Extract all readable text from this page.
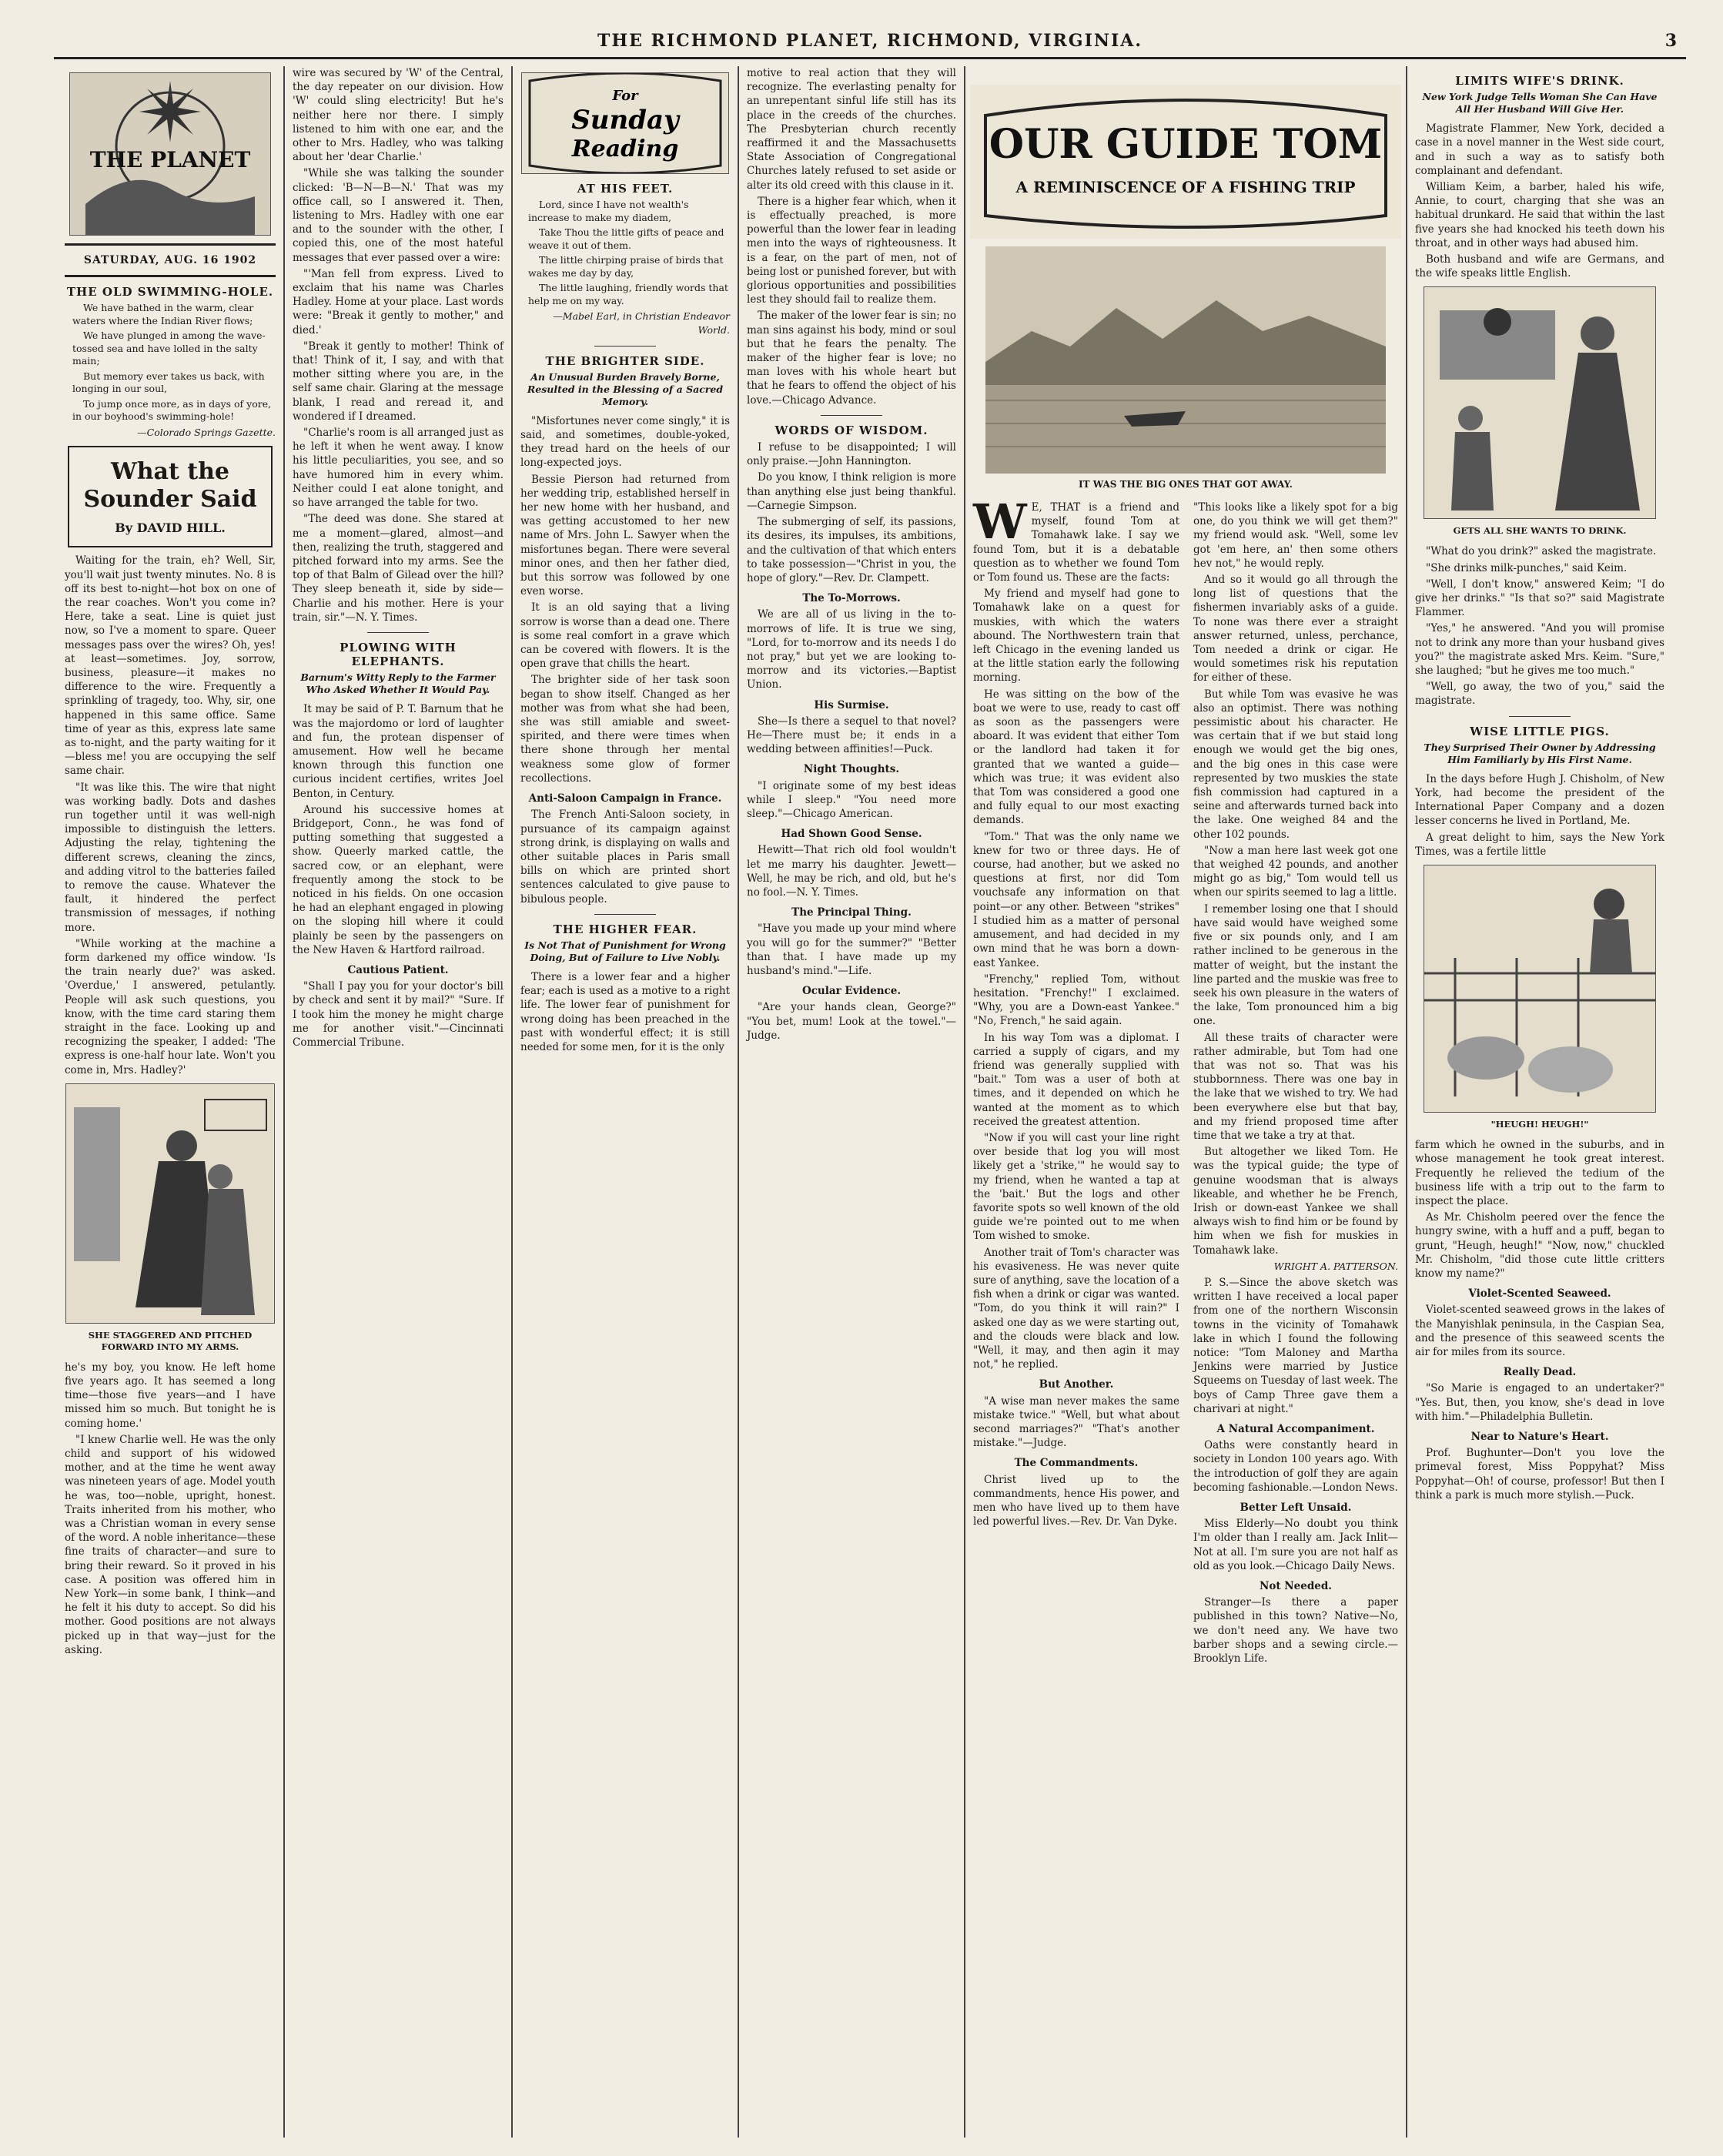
THE RICHMOND PLANET, RICHMOND, VIRGINIA.	3
THE PLANET
SATURDAY, AUG. 16 1902
THE OLD SWIMMING-HOLE.

We have bathed in the warm, clear waters where the Indian River flows;

We have plunged in among the wave-tossed sea and have lolled in the salty main;

But memory ever takes us back, with longing in our soul,

To jump once more, as in days of yore, in our boyhood's swimming-hole!

—Colorado Springs Gazette.

What the
Sounder Said
By DAVID HILL.

Waiting for the train, eh? Well, Sir, you'll wait just twenty minutes. No. 8 is off its best to-night—hot box on one of the rear coaches. Won't you come in? Here, take a seat. Line is quiet just now, so I've a moment to spare. Queer messages pass over the wires? Oh, yes! at least—sometimes. Joy, sorrow, business, pleasure—it makes no difference to the wire. Frequently a sprinkling of tragedy, too. Why, sir, one happened in this same office. Same time of year as this, express late same as to-night, and the party waiting for it—bless me! you are occupying the self same chair.

"It was like this. The wire that night was working badly. Dots and dashes run together until it was well-nigh impossible to distinguish the letters. Adjusting the relay, tightening the different screws, cleaning the zincs, and adding vitrol to the batteries failed to remove the cause. Whatever the fault, it hindered the perfect transmission of messages, if nothing more.

"While working at the machine a form darkened my office window. 'Is the train nearly due?' was asked. 'Overdue,' I answered, petulantly. People will ask such questions, you know, with the time card staring them straight in the face. Looking up and recognizing the speaker, I added: 'The express is one-half hour late. Won't you come in, Mrs. Hadley?'

SHE STAGGERED AND PITCHED FORWARD INTO MY ARMS.

he's my boy, you know. He left home five years ago. It has seemed a long time—those five years—and I have missed him so much. But tonight he is coming home.'

"I knew Charlie well. He was the only child and support of his widowed mother, and at the time he went away was nineteen years of age. Model youth he was, too—noble, upright, honest. Traits inherited from his mother, who was a Christian woman in every sense of the word. A noble inheritance—these fine traits of character—and sure to bring their reward. So it proved in his case. A position was offered him in New York—in some bank, I think—and he felt it his duty to accept. So did his mother. Good positions are not always picked up in that way—just for the asking.

wire was secured by 'W' of the Central, the day repeater on our division. How 'W' could sling electricity! But he's neither here nor there. I simply listened to him with one ear, and the other to Mrs. Hadley, who was talking about her 'dear Charlie.'

"While she was talking the sounder clicked: 'B—N—B—N.' That was my office call, so I answered it. Then, listening to Mrs. Hadley with one ear and to the sounder with the other, I copied this, one of the most hateful messages that ever passed over a wire:

"'Man fell from express. Lived to exclaim that his name was Charles Hadley. Home at your place. Last words were: "Break it gently to mother," and died.'

"Break it gently to mother! Think of that! Think of it, I say, and with that mother sitting where you are, in the self same chair. Glaring at the message blank, I read and reread it, and wondered if I dreamed.

"Charlie's room is all arranged just as he left it when he went away. I know his little peculiarities, you see, and so have humored him in every whim. Neither could I eat alone tonight, and so have arranged the table for two.

"The deed was done. She stared at me a moment—glared, almost—and then, realizing the truth, staggered and pitched forward into my arms. See the top of that Balm of Gilead over the hill? They sleep beneath it, side by side—Charlie and his mother. Here is your train, sir."—N. Y. Times.

PLOWING WITH ELEPHANTS.
Barnum's Witty Reply to the Farmer Who Asked Whether It Would Pay.

It may be said of P. T. Barnum that he was the majordomo or lord of laughter and fun, the protean dispenser of amusement. How well he became known through this function one curious incident certifies, writes Joel Benton, in Century.

Around his successive homes at Bridgeport, Conn., he was fond of putting something that suggested a show. Queerly marked cattle, the sacred cow, or an elephant, were frequently among the stock to be noticed in his fields. On one occasion he had an elephant engaged in plowing on the sloping hill where it could plainly be seen by the passengers on the New Haven & Hartford railroad.

Cautious Patient.

"Shall I pay you for your doctor's bill by check and sent it by mail?" "Sure. If I took him the money he might charge me for another visit."—Cincinnati Commercial Tribune.

For
Sunday
Reading
AT HIS FEET.

Lord, since I have not wealth's increase to make my diadem,

Take Thou the little gifts of peace and weave it out of them.

The little chirping praise of birds that wakes me day by day,

The little laughing, friendly words that help me on my way.

—Mabel Earl, in Christian Endeavor World.

THE BRIGHTER SIDE.
An Unusual Burden Bravely Borne, Resulted in the Blessing of a Sacred Memory.

"Misfortunes never come singly," it is said, and sometimes, double-yoked, they tread hard on the heels of our long-expected joys.

Bessie Pierson had returned from her wedding trip, established herself in her new home with her husband, and was getting accustomed to her new name of Mrs. John L. Sawyer when the misfortunes began. There were several minor ones, and then her father died, but this sorrow was followed by one even worse.

It is an old saying that a living sorrow is worse than a dead one. There is some real comfort in a grave which can be covered with flowers. It is the open grave that chills the heart.

The brighter side of her task soon began to show itself. Changed as her mother was from what she had been, she was still amiable and sweet-spirited, and there were times when there shone through her mental weakness some glow of former recollections.

Anti-Saloon Campaign in France.

The French Anti-Saloon society, in pursuance of its campaign against strong drink, is displaying on walls and other suitable places in Paris small bills on which are printed short sentences calculated to give pause to bibulous people.

THE HIGHER FEAR.
Is Not That of Punishment for Wrong Doing, But of Failure to Live Nobly.

There is a lower fear and a higher fear; each is used as a motive to a right life. The lower fear of punishment for wrong doing has been preached in the past with wonderful effect; it is still needed for some men, for it is the only

motive to real action that they will recognize. The everlasting penalty for an unrepentant sinful life still has its place in the creeds of the churches. The Presbyterian church recently reaffirmed it and the Massachusetts State Association of Congregational Churches lately refused to set aside or alter its old creed with this clause in it.

There is a higher fear which, when it is effectually preached, is more powerful than the lower fear in leading men into the ways of righteousness. It is a fear, on the part of men, not of being lost or punished forever, but with glorious opportunities and possibilities lest they should fail to realize them.

The maker of the lower fear is sin; no man sins against his body, mind or soul but that he fears the penalty. The maker of the higher fear is love; no man loves with his whole heart but that he fears to offend the object of his love.—Chicago Advance.

WORDS OF WISDOM.

I refuse to be disappointed; I will only praise.—John Hannington.

Do you know, I think religion is more than anything else just being thankful.—Carnegie Simpson.

The submerging of self, its passions, its desires, its impulses, its ambitions, and the cultivation of that which enters to take possession—"Christ in you, the hope of glory."—Rev. Dr. Clampett.

The To-Morrows.

We are all of us living in the to-morrows of life. It is true we sing, "Lord, for to-morrow and its needs I do not pray," but yet we are looking to-morrow and its victories.—Baptist Union.

His Surmise.

She—Is there a sequel to that novel? He—There must be; it ends in a wedding between affinities!—Puck.

Night Thoughts.

"I originate some of my best ideas while I sleep." "You need more sleep."—Chicago American.

Had Shown Good Sense.

Hewitt—That rich old fool wouldn't let me marry his daughter. Jewett—Well, he may be rich, and old, but he's no fool.—N. Y. Times.

The Principal Thing.

"Have you made up your mind where you will go for the summer?" "Better than that. I have made up my husband's mind."—Life.

Ocular Evidence.

"Are your hands clean, George?" "You bet, mum! Look at the towel."—Judge.

OUR GUIDE TOM
A REMINISCENCE OF A FISHING TRIP
IT WAS THE BIG ONES THAT GOT AWAY.

W E, THAT is a friend and myself, found Tom at Tomahawk lake. I say we found Tom, but it is a debatable question as to whether we found Tom or Tom found us. These are the facts:

My friend and myself had gone to Tomahawk lake on a quest for muskies, with which the waters abound. The Northwestern train that left Chicago in the evening landed us at the little station early the following morning.

He was sitting on the bow of the boat we were to use, ready to cast off as soon as the passengers were aboard. It was evident that either Tom or the landlord had taken it for granted that we wanted a guide—which was true; it was evident also that Tom was considered a good one and fully equal to our most exacting demands.

"Tom." That was the only name we knew for two or three days. He of course, had another, but we asked no questions at first, nor did Tom vouchsafe any information on that point—or any other. Between "strikes" I studied him as a matter of personal amusement, and had decided in my own mind that he was born a down-east Yankee.

"Frenchy," replied Tom, without hesitation. "Frenchy!" I exclaimed. "Why, you are a Down-east Yankee." "No, French," he said again.

In his way Tom was a diplomat. I carried a supply of cigars, and my friend was generally supplied with "bait." Tom was a user of both at times, and it depended on which he wanted at the moment as to which received the greatest attention.

"Now if you will cast your line right over beside that log you will most likely get a 'strike,'" he would say to my friend, when he wanted a tap at the 'bait.' But the logs and other favorite spots so well known of the old guide we're pointed out to me when Tom wished to smoke.

Another trait of Tom's character was his evasiveness. He was never quite sure of anything, save the location of a fish when a drink or cigar was wanted. "Tom, do you think it will rain?" I asked one day as we were starting out, and the clouds were black and low. "Well, it may, and then agin it may not," he replied.

But Another.

"A wise man never makes the same mistake twice." "Well, but what about second marriages?" "That's another mistake."—Judge.

The Commandments.

Christ lived up to the commandments, hence His power, and men who have lived up to them have led powerful lives.—Rev. Dr. Van Dyke.

"This looks like a likely spot for a big one, do you think we will get them?" my friend would ask. "Well, some lev got 'em here, an' then some others hev not," he would reply.

And so it would go all through the long list of questions that the fishermen invariably asks of a guide. To none was there ever a straight answer returned, unless, perchance, Tom needed a drink or cigar. He would sometimes risk his reputation for either of these.

But while Tom was evasive he was also an optimist. There was nothing pessimistic about his character. He was certain that if we but staid long enough we would get the big ones, and the big ones in this case were represented by two muskies the state fish commission had captured in a seine and afterwards turned back into the lake. One weighed 84 and the other 102 pounds.

"Now a man here last week got one that weighed 42 pounds, and another might go as big," Tom would tell us when our spirits seemed to lag a little.

I remember losing one that I should have said would have weighed some five or six pounds only, and I am rather inclined to be generous in the matter of weight, but the instant the line parted and the muskie was free to seek his own pleasure in the waters of the lake, Tom pronounced him a big one.

All these traits of character were rather admirable, but Tom had one that was not so. That was his stubbornness. There was one bay in the lake that we wished to try. We had been everywhere else but that bay, and my friend proposed time after time that we take a try at that.

But altogether we liked Tom. He was the typical guide; the type of genuine woodsman that is always likeable, and whether he be French, Irish or down-east Yankee we shall always wish to find him or be found by him when we fish for muskies in Tomahawk lake.

WRIGHT A. PATTERSON.

P. S.—Since the above sketch was written I have received a local paper from one of the northern Wisconsin towns in the vicinity of Tomahawk lake in which I found the following notice: "Tom Maloney and Martha Jenkins were married by Justice Squeems on Tuesday of last week. The boys of Camp Three gave them a charivari at night."

A Natural Accompaniment.

Oaths were constantly heard in society in London 100 years ago. With the introduction of golf they are again becoming fashionable.—London News.

Better Left Unsaid.

Miss Elderly—No doubt you think I'm older than I really am. Jack Inlit—Not at all. I'm sure you are not half as old as you look.—Chicago Daily News.

Not Needed.

Stranger—Is there a paper published in this town? Native—No, we don't need any. We have two barber shops and a sewing circle.—Brooklyn Life.

LIMITS WIFE'S DRINK.
New York Judge Tells Woman She Can Have All Her Husband Will Give Her.

Magistrate Flammer, New York, decided a case in a novel manner in the West side court, and in such a way as to satisfy both complainant and defendant.

William Keim, a barber, haled his wife, Annie, to court, charging that she was an habitual drunkard. He said that within the last five years she had knocked his teeth down his throat, and in other ways had abused him.

Both husband and wife are Germans, and the wife speaks little English.

GETS ALL SHE WANTS TO DRINK.

"What do you drink?" asked the magistrate.

"She drinks milk-punches," said Keim.

"Well, I don't know," answered Keim; "I do give her drinks." "Is that so?" said Magistrate Flammer.

"Yes," he answered. "And you will promise not to drink any more than your husband gives you?" the magistrate asked Mrs. Keim. "Sure," she laughed; "but he gives me too much."

"Well, go away, the two of you," said the magistrate.

WISE LITTLE PIGS.
They Surprised Their Owner by Addressing Him Familiarly by His First Name.

In the days before Hugh J. Chisholm, of New York, had become the president of the International Paper Company and a dozen lesser concerns he lived in Portland, Me.

A great delight to him, says the New York Times, was a fertile little

"HEUGH! HEUGH!"

farm which he owned in the suburbs, and in whose management he took great interest. Frequently he relieved the tedium of the business life with a trip out to the farm to inspect the place.

As Mr. Chisholm peered over the fence the hungry swine, with a huff and a puff, began to grunt, "Heugh, heugh!" "Now, now," chuckled Mr. Chisholm, "did those cute little critters know my name?"

Violet-Scented Seaweed.

Violet-scented seaweed grows in the lakes of the Manyishlak peninsula, in the Caspian Sea, and the presence of this seaweed scents the air for miles from its source.

Really Dead.

"So Marie is engaged to an undertaker?" "Yes. But, then, you know, she's dead in love with him."—Philadelphia Bulletin.

Near to Nature's Heart.

Prof. Bughunter—Don't you love the primeval forest, Miss Poppyhat? Miss Poppyhat—Oh! of course, professor! But then I think a park is much more stylish.—Puck.
